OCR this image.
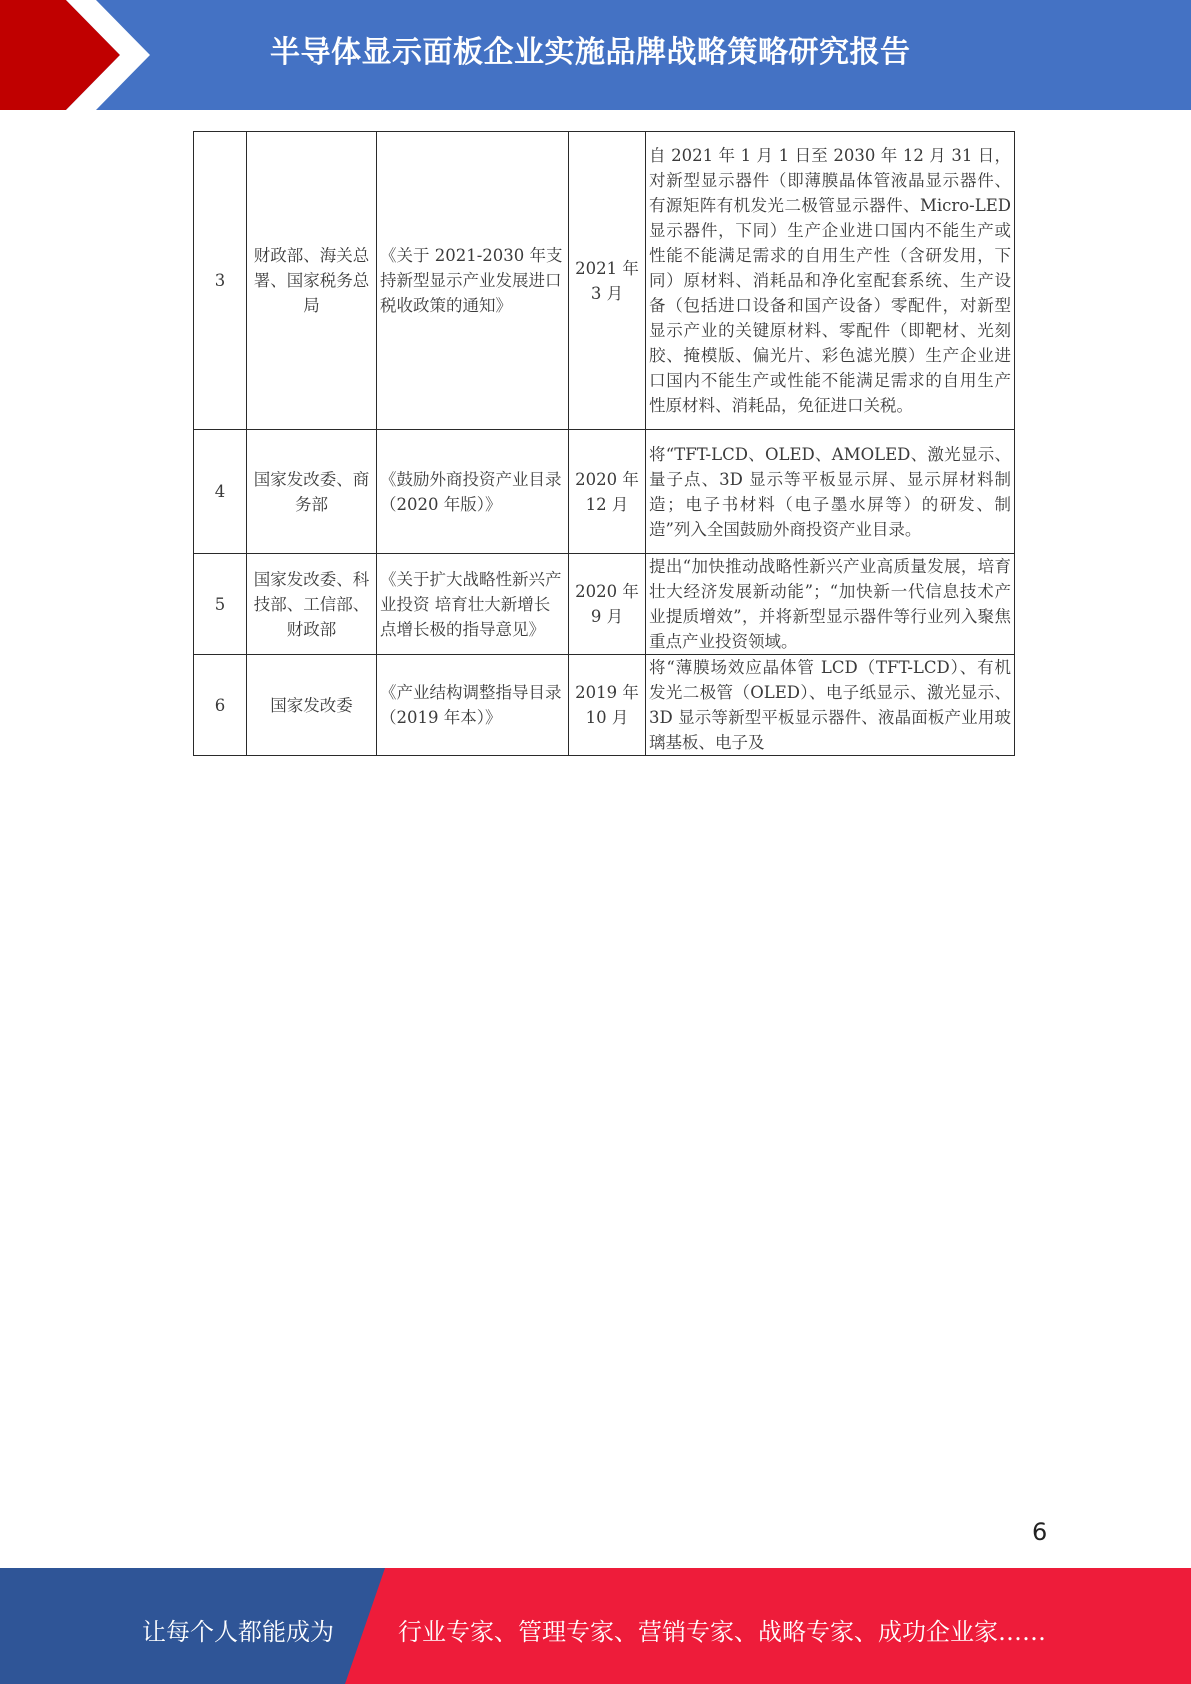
半导体显示面板企业实施品牌战略策略研究报告
3	财政部、海关总署、国家税务总局	《关于 2021-2030 年支持新型显示产业发展进口税收政策的通知》	2021 年 3 月	自 2021 年 1 月 1 日至 2030 年 12 月 31 日，对新型显示器件（即薄膜晶体管液晶显示器件、有源矩阵有机发光二极管显示器件、Micro-LED 显示器件，下同）生产企业进口国内不能生产或性能不能满足需求的自用生产性（含研发用，下同）原材料、消耗品和净化室配套系统、生产设备（包括进口设备和国产设备）零配件，对新型显示产业的关键原材料、零配件（即靶材、光刻胶、掩模版、偏光片、彩色滤光膜）生产企业进口国内不能生产或性能不能满足需求的自用生产性原材料、消耗品，免征进口关税。
4	国家发改委、商务部	《鼓励外商投资产业目录（2020 年版）》	2020 年 12 月	将“TFT-LCD、OLED、AMOLED、激光显示、量子点、3D 显示等平板显示屏、显示屏材料制造；电子书材料（电子墨水屏等）的研发、制造”列入全国鼓励外商投资产业目录。
5	国家发改委、科技部、工信部、财政部	《关于扩大战略性新兴产业投资 培育壮大新增长点增长极的指导意见》	2020 年 9 月	提出“加快推动战略性新兴产业高质量发展，培育壮大经济发展新动能”；“加快新一代信息技术产业提质增效”，并将新型显示器件等行业列入聚焦重点产业投资领域。
6	国家发改委	《产业结构调整指导目录（2019 年本）》	2019 年 10 月	将“薄膜场效应晶体管 LCD（TFT-LCD）、有机发光二极管（OLED）、电子纸显示、激光显示、3D 显示等新型平板显示器件、液晶面板产业用玻璃基板、电子及
6
让每个人都能成为	行业专家、管理专家、营销专家、战略专家、成功企业家……
